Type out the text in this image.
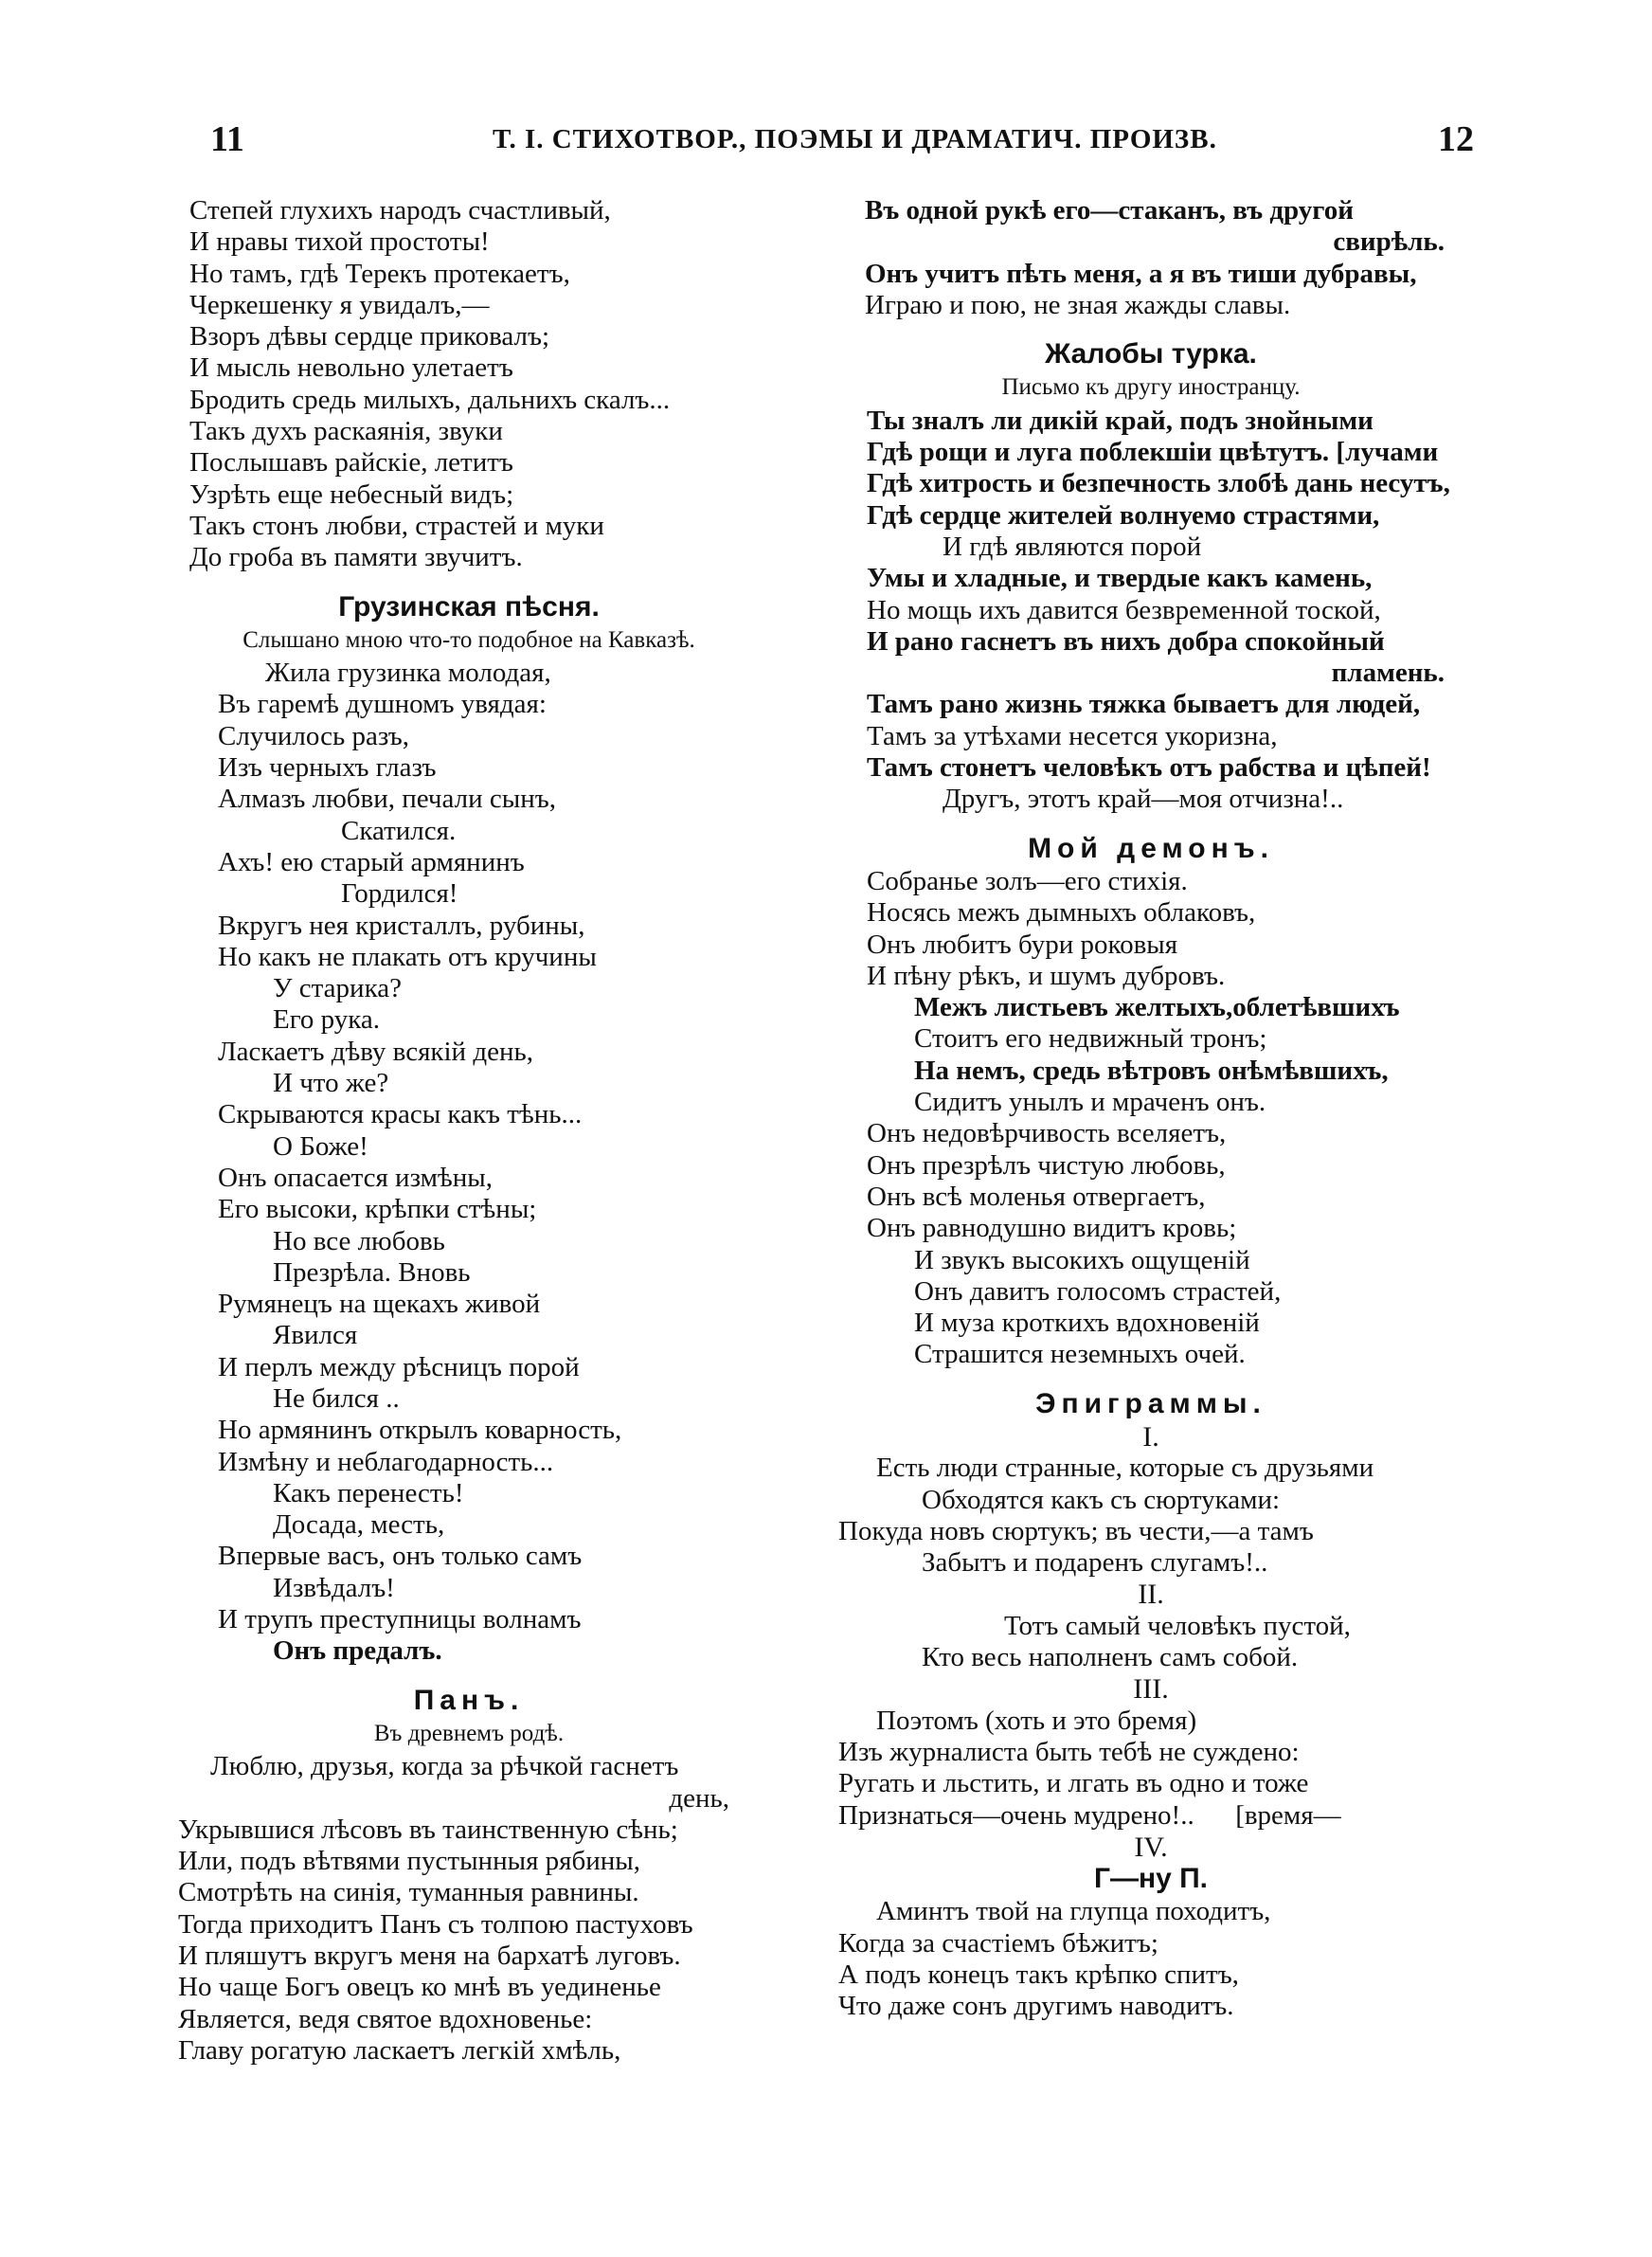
11	Т. І. СТИХОТВОР., ПОЭМЫ И ДРАМАТИЧ. ПРОИЗВ.	12
Степей глухихъ народъ счастливый,
И нравы тихой простоты!
Но тамъ, гдѣ Терекъ протекаетъ,
Черкешенку я увидалъ,—
Взоръ дѣвы сердце приковалъ;
И мысль невольно улетаетъ
Бродить средь милыхъ, дальнихъ скалъ...
Такъ духъ раскаянія, звуки
Послышавъ райскіе, летитъ
Узрѣть еще небесный видъ;
Такъ стонъ любви, страстей и муки
До гроба въ памяти звучитъ.
Грузинская пѣсня.
Слышано мною что-то подобное на Кавказѣ.
Жила грузинка молодая,
Въ гаремѣ душномъ увядая:
Случилось разъ,
Изъ черныхъ глазъ
Алмазъ любви, печали сынъ,
Скатился.
Ахъ! ею старый армянинъ
Гордился!
Вкругъ нея кристаллъ, рубины,
Но какъ не плакать отъ кручины
У старика?
Его рука.
Ласкаетъ дѣву всякій день,
И что же?
Скрываются красы какъ тѣнь...
О Боже!
Онъ опасается измѣны,
Его высоки, крѣпки стѣны;
Но все любовь
Презрѣла. Вновь
Румянецъ на щекахъ живой
Явился
И перлъ между рѣсницъ порой
Не бился ..
Но армянинъ открылъ коварность,
Измѣну и неблагодарность...
Какъ перенесть!
Досада, месть,
Впервые васъ, онъ только самъ
Извѣдалъ!
И трупъ преступницы волнамъ
Онъ предалъ.
Панъ.
Въ древнемъ родѣ.
Люблю, друзья, когда за рѣчкой гаснетъ
день,
Укрывшися лѣсовъ въ таинственную сѣнь;
Или, подъ вѣтвями пустынныя рябины,
Смотрѣть на синія, туманныя равнины.
Тогда приходитъ Панъ съ толпою пастуховъ
И пляшутъ вкругъ меня на бархатѣ луговъ.
Но чаще Богъ овецъ ко мнѣ въ уединенье
Является, ведя святое вдохновенье:
Главу рогатую ласкаетъ легкій хмѣль,
Въ одной рукѣ его—стаканъ, въ другой
свирѣль.
Онъ учитъ пѣть меня, а я въ тиши дубравы,
Играю и пою, не зная жажды славы.
Жалобы турка.
Письмо къ другу иностранцу.
Ты зналъ ли дикій край, подъ знойными
Гдѣ рощи и луга поблекшіи цвѣтутъ. [лучами
Гдѣ хитрость и безпечность злобѣ дань несутъ,
Гдѣ сердце жителей волнуемо страстями,
И гдѣ являются порой
Умы и хладные, и твердые какъ камень,
Но мощь ихъ давится безвременной тоской,
И рано гаснетъ въ нихъ добра спокойный
пламень.
Тамъ рано жизнь тяжка бываетъ для людей,
Тамъ за утѣхами несется укоризна,
Тамъ стонетъ человѣкъ отъ рабства и цѣпей!
Другъ, этотъ край—моя отчизна!..
Мой демонъ.
Собранье золъ—его стихія.
Носясь межъ дымныхъ облаковъ,
Онъ любитъ бури роковыя
И пѣну рѣкъ, и шумъ дубровъ.
Межъ листьевъ желтыхъ,облетѣвшихъ
Стоитъ его недвижный тронъ;
На немъ, средь вѣтровъ онѣмѣвшихъ,
Сидитъ унылъ и мраченъ онъ.
Онъ недовѣрчивость вселяетъ,
Онъ презрѣлъ чистую любовь,
Онъ всѣ моленья отвергаетъ,
Онъ равнодушно видитъ кровь;
И звукъ высокихъ ощущеній
Онъ давитъ голосомъ страстей,
И муза кроткихъ вдохновеній
Страшится неземныхъ очей.
Эпиграммы.
I.
Есть люди странные, которые съ друзьями
Обходятся какъ съ сюртуками:
Покуда новъ сюртукъ; въ чести,—а тамъ
Забытъ и подаренъ слугамъ!..
II.
Тотъ самый человѣкъ пустой,
Кто весь наполненъ самъ собой.
III.
Поэтомъ (хоть и это бремя)
Изъ журналиста быть тебѣ не суждено:
Ругать и льстить, и лгать въ одно и тоже
Признаться—очень мудрено!..      [время—
IV.
Г—ну П.
Аминтъ твой на глупца походитъ,
Когда за счастіемъ бѣжитъ;
А подъ конецъ такъ крѣпко спитъ,
Что даже сонъ другимъ наводитъ.
